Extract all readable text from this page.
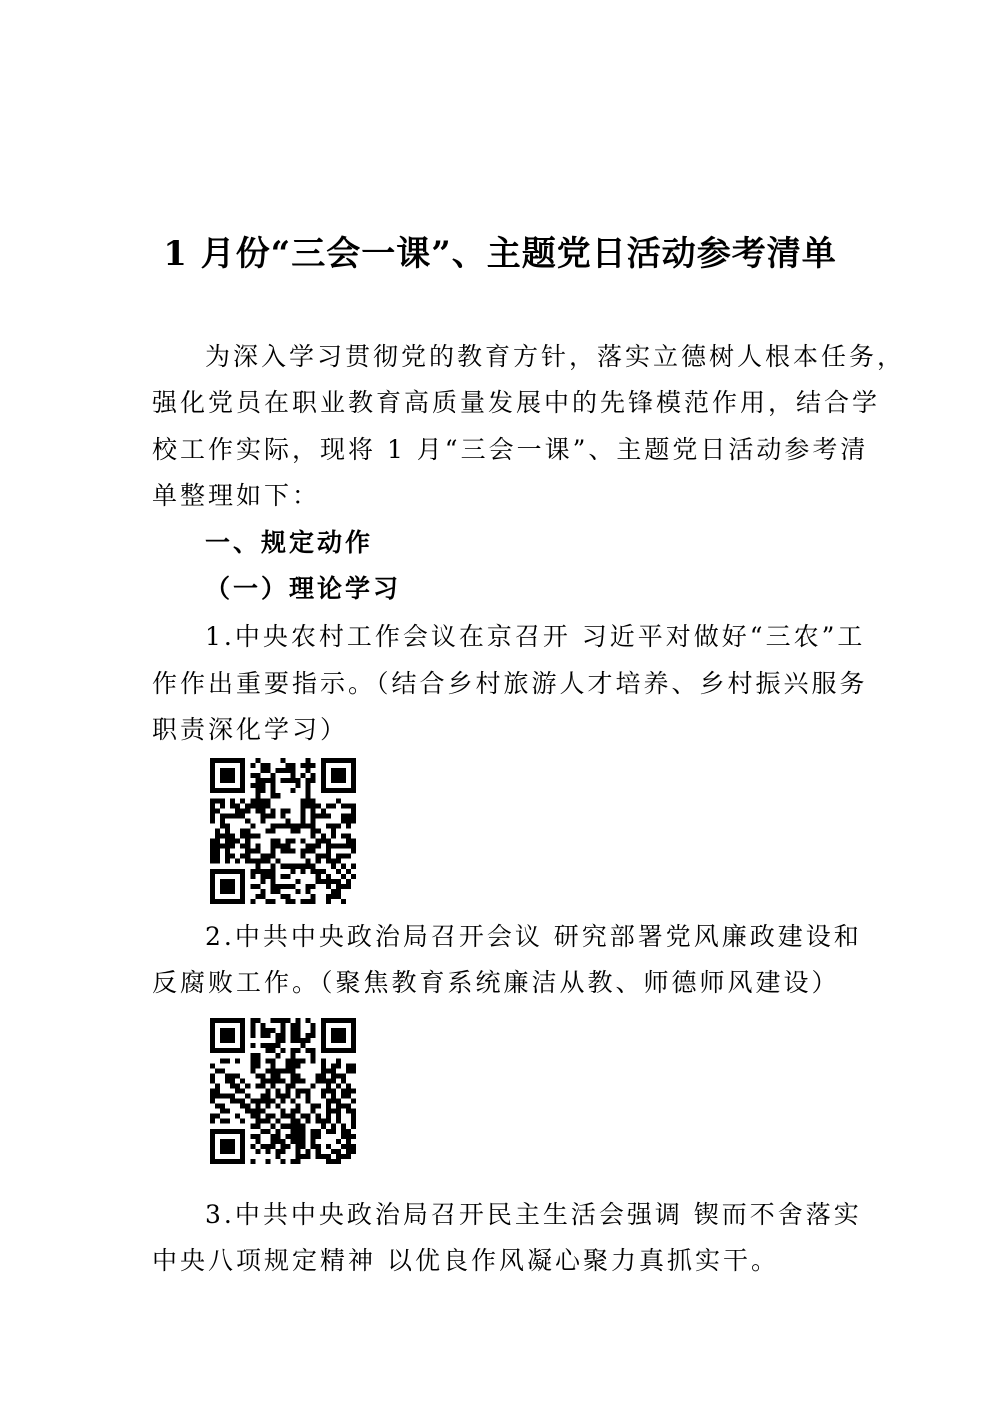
1 月份“三会一课”、主题党日活动参考清单
为深入学习贯彻党的教育方针，落实立德树人根本任务，
强化党员在职业教育高质量发展中的先锋模范作用，结合学
校工作实际，现将 1 月“三会一课”、主题党日活动参考清
单整理如下：
一、规定动作
（一）理论学习
1.中央农村工作会议在京召开 习近平对做好“三农”工
作作出重要指示。（结合乡村旅游人才培养、乡村振兴服务
职责深化学习）
2.中共中央政治局召开会议 研究部署党风廉政建设和
反腐败工作。（聚焦教育系统廉洁从教、师德师风建设）
3.中共中央政治局召开民主生活会强调 锲而不舍落实
中央八项规定精神 以优良作风凝心聚力真抓实干。
